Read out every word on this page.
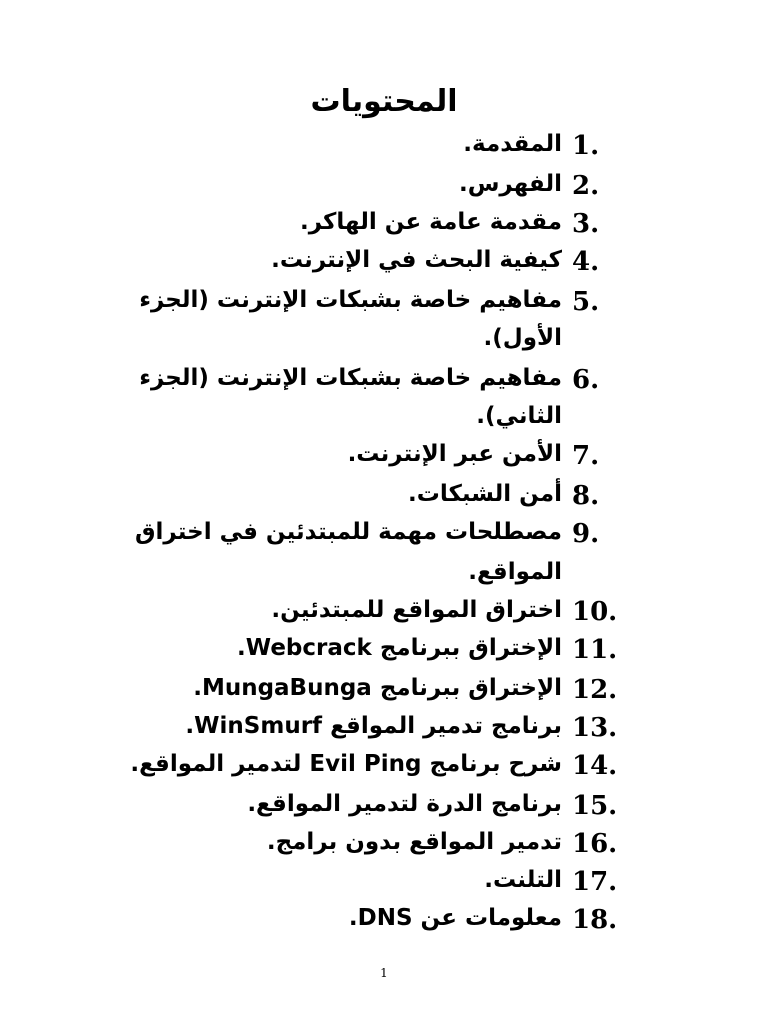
المحتويات
1.
المقدمة.
2.
الفهرس.
3.
مقدمة عامة عن الهاكر.
4.
كيفية البحث في الإنترنت.
5.
مفاهيم خاصة بشبكات الإنترنت (الجزء
الأول).
6.
مفاهيم خاصة بشبكات الإنترنت (الجزء
الثاني).
7.
الأمن عبر الإنترنت.
8.
أمن الشبكات.
9.
مصطلحات مهمة للمبتدئين في اختراق
المواقع.
10.
اختراق المواقع للمبتدئين.
11.
الإختراق ببرنامج Webcrack.
12.
الإختراق ببرنامج MungaBunga.
13.
برنامج تدمير المواقع WinSmurf.
14.
شرح برنامج Evil Ping لتدمير المواقع.
15.
برنامج الدرة لتدمير المواقع.
16.
تدمير المواقع بدون برامج.
17.
التلنت.
18.
معلومات عن DNS.
1
